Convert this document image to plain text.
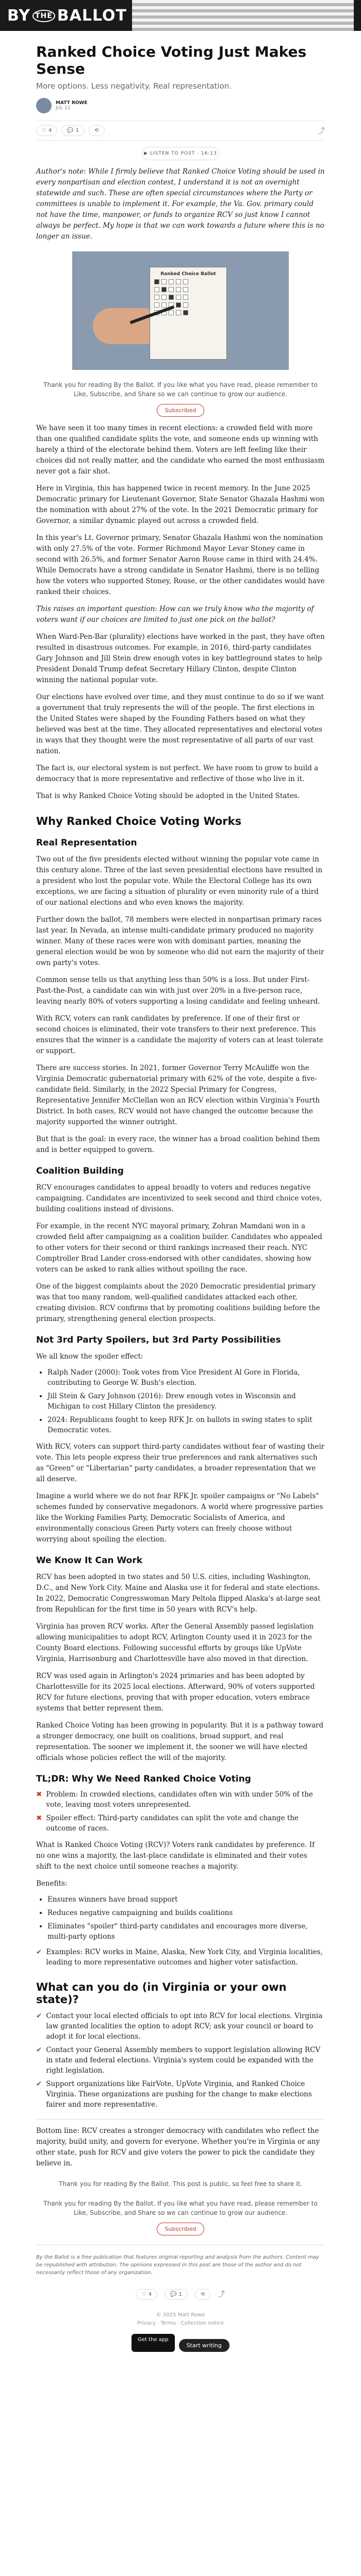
BY THE BALLOT
Ranked Choice Voting Just Makes Sense
More options. Less negativity. Real representation.
MATT ROWE
JUL 12
♡ 4	💬 1	⟲	⤴
▶ LISTEN TO POST · 16:13

Author's note: While I firmly believe that Ranked Choice Voting should be used in every nonpartisan and election contest, I understand it is not an overnight statewide and such. These are often special circumstances where the Party or committees is unable to implement it. For example, the Va. Gov. primary could not have the time, manpower, or funds to organize RCV so just know I cannot always be perfect. My hope is that we can work towards a future where this is no longer an issue.

Ranked Choice Ballot

Thank you for reading By the Ballot. If you like what you have read, please remember to Like, Subscribe, and Share so we can continue to grow our audience.

Subscribed

We have seen it too many times in recent elections: a crowded field with more than one qualified candidate splits the vote, and someone ends up winning with barely a third of the electorate behind them. Voters are left feeling like their choices did not really matter, and the candidate who earned the most enthusiasm never got a fair shot.

Here in Virginia, this has happened twice in recent memory. In the June 2025 Democratic primary for Lieutenant Governor, State Senator Ghazala Hashmi won the nomination with about 27% of the vote. In the 2021 Democratic primary for Governor, a similar dynamic played out across a crowded field.

In this year's Lt. Governor primary, Senator Ghazala Hashmi won the nomination with only 27.5% of the vote. Former Richmond Mayor Levar Stoney came in second with 26.5%, and former Senator Aaron Rouse came in third with 24.4%. While Democrats have a strong candidate in Senator Hashmi, there is no telling how the voters who supported Stoney, Rouse, or the other candidates would have ranked their choices.

This raises an important question: How can we truly know who the majority of voters want if our choices are limited to just one pick on the ballot?

When Ward-Pen-Bar (plurality) elections have worked in the past, they have often resulted in disastrous outcomes. For example, in 2016, third-party candidates Gary Johnson and Jill Stein drew enough votes in key battleground states to help President Donald Trump defeat Secretary Hillary Clinton, despite Clinton winning the national popular vote.

Our elections have evolved over time, and they must continue to do so if we want a government that truly represents the will of the people. The first elections in the United States were shaped by the Founding Fathers based on what they believed was best at the time. They allocated representatives and electoral votes in ways that they thought were the most representative of all parts of our vast nation.

The fact is, our electoral system is not perfect. We have room to grow to build a democracy that is more representative and reflective of those who live in it.

That is why Ranked Choice Voting should be adopted in the United States.

Why Ranked Choice Voting Works
Real Representation

Two out of the five presidents elected without winning the popular vote came in this century alone. Three of the last seven presidential elections have resulted in a president who lost the popular vote. While the Electoral College has its own exceptions, we are facing a situation of plurality or even minority rule of a third of our national elections and who even knows the majority.

Further down the ballot, 78 members were elected in nonpartisan primary races last year. In Nevada, an intense multi-candidate primary produced no majority winner. Many of these races were won with dominant parties, meaning the general election would be won by someone who did not earn the majority of their own party's votes.

Common sense tells us that anything less than 50% is a loss. But under First-Past-the-Post, a candidate can win with just over 20% in a five-person race, leaving nearly 80% of voters supporting a losing candidate and feeling unheard.

With RCV, voters can rank candidates by preference. If one of their first or second choices is eliminated, their vote transfers to their next preference. This ensures that the winner is a candidate the majority of voters can at least tolerate or support.

There are success stories. In 2021, former Governor Terry McAuliffe won the Virginia Democratic gubernatorial primary with 62% of the vote, despite a five-candidate field. Similarly, in the 2022 Special Primary for Congress, Representative Jennifer McClellan won an RCV election within Virginia's Fourth District. In both cases, RCV would not have changed the outcome because the majority supported the winner outright.

But that is the goal: in every race, the winner has a broad coalition behind them and is better equipped to govern.

Coalition Building

RCV encourages candidates to appeal broadly to voters and reduces negative campaigning. Candidates are incentivized to seek second and third choice votes, building coalitions instead of divisions.

For example, in the recent NYC mayoral primary, Zohran Mamdani won in a crowded field after campaigning as a coalition builder. Candidates who appealed to other voters for their second or third rankings increased their reach. NYC Comptroller Brad Lander cross-endorsed with other candidates, showing how voters can be asked to rank allies without spoiling the race.

One of the biggest complaints about the 2020 Democratic presidential primary was that too many random, well-qualified candidates attacked each other, creating division. RCV confirms that by promoting coalitions building before the primary, strengthening general election prospects.

Not 3rd Party Spoilers, but 3rd Party Possibilities

We all know the spoiler effect:

• Ralph Nader (2000): Took votes from Vice President Al Gore in Florida, contributing to George W. Bush's election.
• Jill Stein & Gary Johnson (2016): Drew enough votes in Wisconsin and Michigan to cost Hillary Clinton the presidency.
• 2024: Republicans fought to keep RFK Jr. on ballots in swing states to split Democratic votes.

With RCV, voters can support third-party candidates without fear of wasting their vote. This lets people express their true preferences and rank alternatives such as "Green" or "Libertarian" party candidates, a broader representation that we all deserve.

Imagine a world where we do not fear RFK Jr. spoiler campaigns or "No Labels" schemes funded by conservative megadonors. A world where progressive parties like the Working Families Party, Democratic Socialists of America, and environmentally conscious Green Party voters can freely choose without worrying about spoiling the election.

We Know It Can Work

RCV has been adopted in two states and 50 U.S. cities, including Washington, D.C., and New York City. Maine and Alaska use it for federal and state elections. In 2022, Democratic Congresswoman Mary Peltola flipped Alaska's at-large seat from Republican for the first time in 50 years with RCV's help.

Virginia has proven RCV works. After the General Assembly passed legislation allowing municipalities to adopt RCV, Arlington County used it in 2023 for the County Board elections. Following successful efforts by groups like UpVote Virginia, Harrisonburg and Charlottesville have also moved in that direction.

RCV was used again in Arlington's 2024 primaries and has been adopted by Charlottesville for its 2025 local elections. Afterward, 90% of voters supported RCV for future elections, proving that with proper education, voters embrace systems that better represent them.

Ranked Choice Voting has been growing in popularity. But it is a pathway toward a stronger democracy, one built on coalitions, broad support, and real representation. The sooner we implement it, the sooner we will have elected officials whose policies reflect the will of the majority.

TL;DR: Why We Need Ranked Choice Voting
✖ Problem: In crowded elections, candidates often win with under 50% of the vote, leaving most voters unrepresented.
✖ Spoiler effect: Third-party candidates can split the vote and change the outcome of races.

What is Ranked Choice Voting (RCV)? Voters rank candidates by preference. If no one wins a majority, the last-place candidate is eliminated and their votes shift to the next choice until someone reaches a majority.

Benefits:

• Ensures winners have broad support
• Reduces negative campaigning and builds coalitions
• Eliminates "spoiler" third-party candidates and encourages more diverse, multi-party options
✔ Examples: RCV works in Maine, Alaska, New York City, and Virginia localities, leading to more representative outcomes and higher voter satisfaction.
What can you do (in Virginia or your own state)?
✔ Contact your local elected officials to opt into RCV for local elections. Virginia law granted localities the option to adopt RCV; ask your council or board to adopt it for local elections.
✔ Contact your General Assembly members to support legislation allowing RCV in state and federal elections. Virginia's system could be expanded with the right legislation.
✔ Support organizations like FairVote, UpVote Virginia, and Ranked Choice Virginia. These organizations are pushing for the change to make elections fairer and more representative.

Bottom line: RCV creates a stronger democracy with candidates who reflect the majority, build unity, and govern for everyone. Whether you're in Virginia or any other state, push for RCV and give voters the power to pick the candidate they believe in.

Thank you for reading By the Ballot. This post is public, so feel free to share it.

Thank you for reading By the Ballot. If you like what you have read, please remember to Like, Subscribe, and Share so we can continue to grow our audience.

Subscribed

By the Ballot is a free publication that features original reporting and analysis from the authors. Content may be republished with attribution. The opinions expressed in this post are those of the author and do not necessarily reflect those of any organization.

♡ 4	💬 1	⟲ ⤴
© 2025 Matt Rowe
Privacy · Terms · Collection notice
Get the app
Start writing
